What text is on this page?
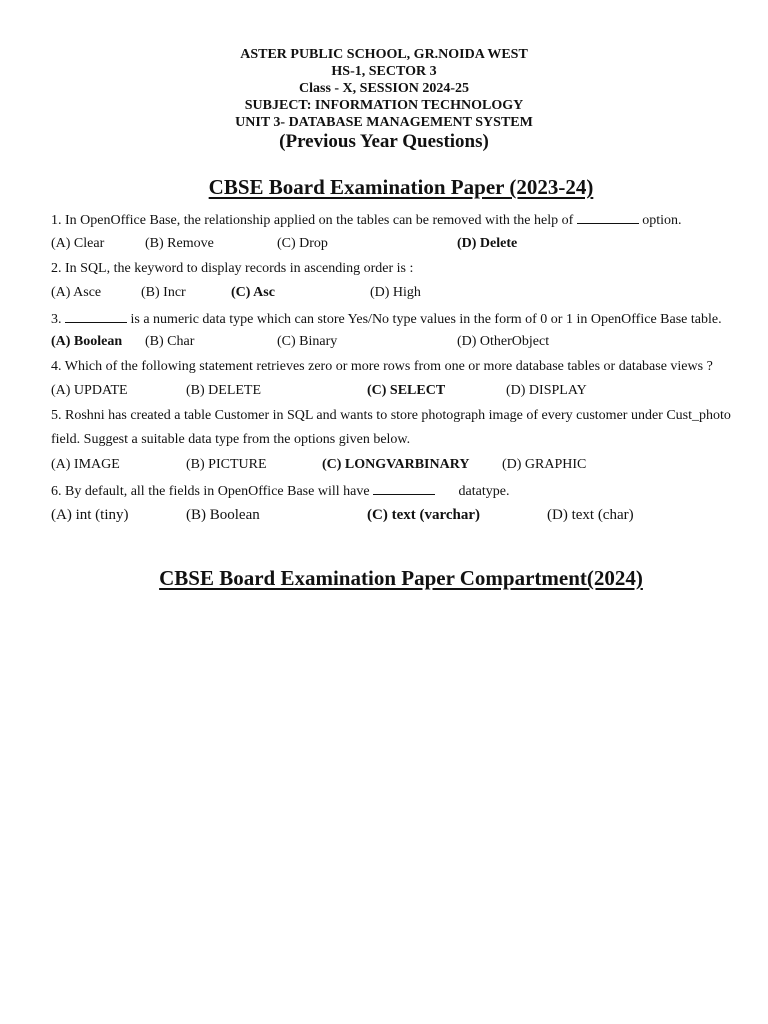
ASTER PUBLIC SCHOOL, GR.NOIDA WEST
HS-1, SECTOR 3
Class - X, SESSION 2024-25
SUBJECT: INFORMATION TECHNOLOGY
UNIT 3- DATABASE MANAGEMENT SYSTEM
(Previous Year Questions)
CBSE Board Examination Paper (2023-24)
1. In OpenOffice Base, the relationship applied on the tables can be removed with the help of	option.
(A) Clear	(B) Remove	(C) Drop	(D) Delete
2. In SQL, the keyword to display records in ascending order is :
(A) Asce	(B) Incr	(C) Asc	(D) High
3.	is a numeric data type which can store Yes/No type values in the form of 0 or 1 in OpenOffice Base table.
(A) Boolean (B) Char	(C) Binary	(D) OtherObject
4. Which of the following statement retrieves zero or more rows from one or more database tables or database views ?
(A) UPDATE	(B) DELETE	(C) SELECT	(D) DISPLAY
5. Roshni has created a table Customer in SQL and wants to store photograph image of every customer under Cust_photo
field. Suggest a suitable data type from the options given below.
(A) IMAGE	(B) PICTURE	(C) LONGVARBINARY (D) GRAPHIC
6. By default, all the fields in OpenOffice Base will have	datatype.
(A) int (tiny)	(B) Boolean	(C) text (varchar)	(D) text (char)
CBSE Board Examination Paper Compartment(2024)
